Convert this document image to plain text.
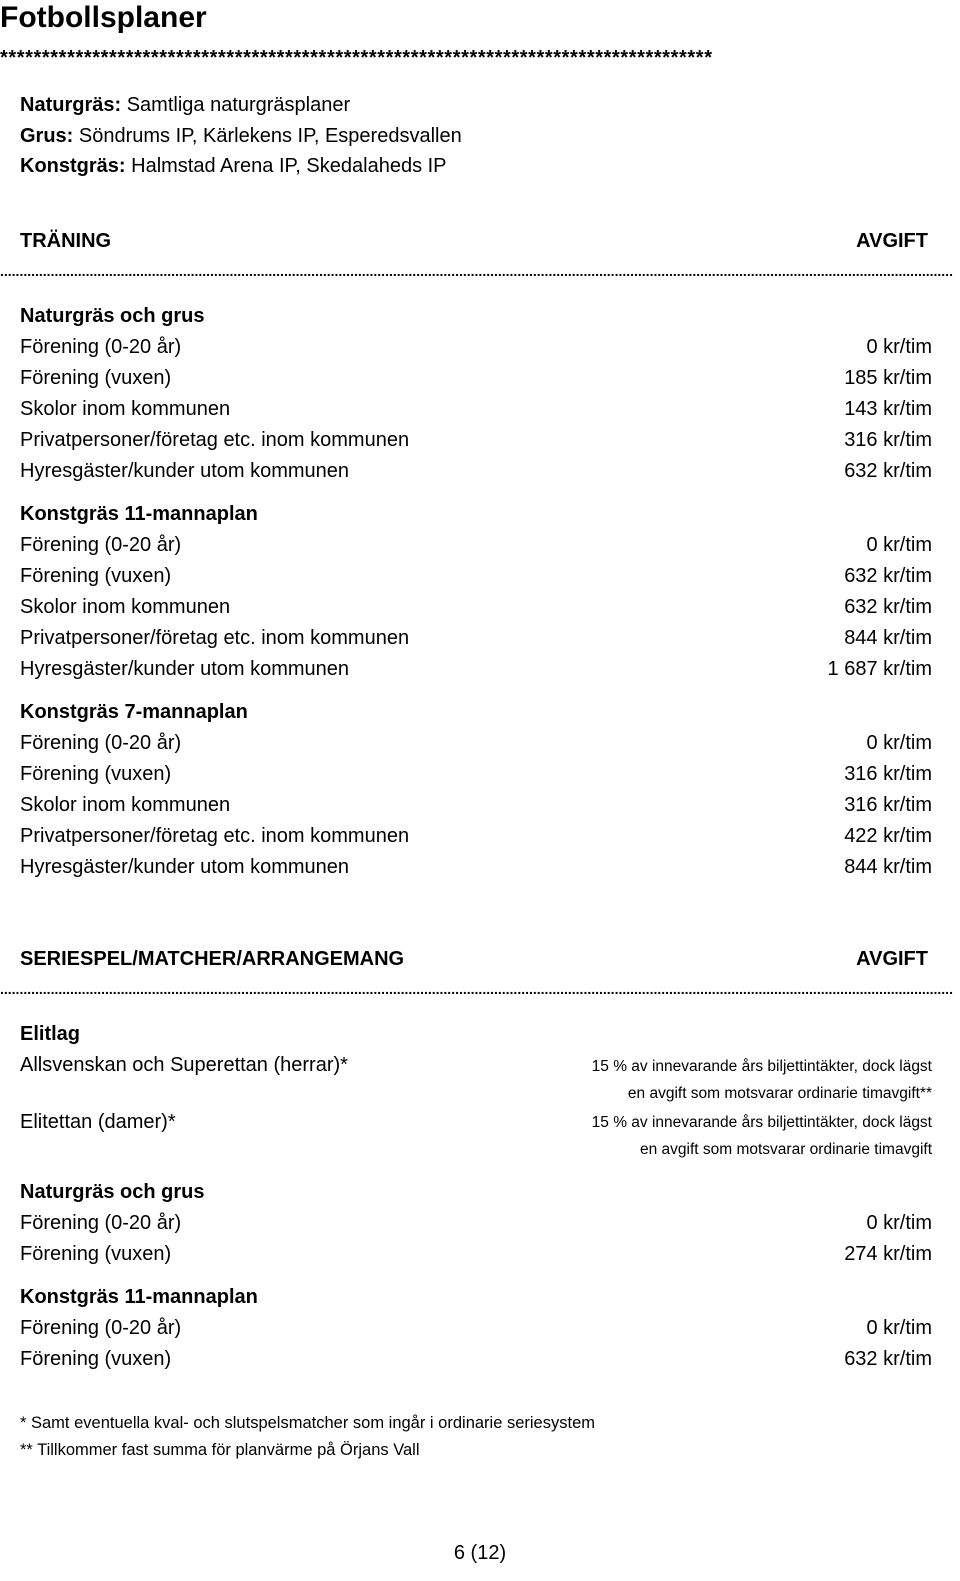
Fotbollsplaner
*************************************************************************************
Naturgräs: Samtliga naturgräsplaner
Grus: Söndrums IP, Kärlekens IP, Esperedsvallen
Konstgräs: Halmstad Arena IP, Skedalaheds IP
TRÄNING	AVGIFT
.....................................................................................................................................................................................................................................................
Naturgräs och grus
Förening (0-20 år)	0 kr/tim
Förening (vuxen)	185 kr/tim
Skolor inom kommunen	143 kr/tim
Privatpersoner/företag etc. inom kommunen	316 kr/tim
Hyresgäster/kunder utom kommunen	632 kr/tim
Konstgräs 11-mannaplan
Förening (0-20 år)	0 kr/tim
Förening (vuxen)	632 kr/tim
Skolor inom kommunen	632 kr/tim
Privatpersoner/företag etc. inom kommunen	844 kr/tim
Hyresgäster/kunder utom kommunen	1 687 kr/tim
Konstgräs 7-mannaplan
Förening (0-20 år)	0 kr/tim
Förening (vuxen)	316 kr/tim
Skolor inom kommunen	316 kr/tim
Privatpersoner/företag etc. inom kommunen	422 kr/tim
Hyresgäster/kunder utom kommunen	844 kr/tim
SERIESPEL/MATCHER/ARRANGEMANG	AVGIFT
.....................................................................................................................................................................................................................................................
Elitlag
Allsvenskan och Superettan (herrar)*	15 % av innevarande års biljettintäkter, dock lägst
en avgift som motsvarar ordinarie timavgift**
Elitettan (damer)*	15 % av innevarande års biljettintäkter, dock lägst
en avgift som motsvarar ordinarie timavgift
Naturgräs och grus
Förening (0-20 år)	0 kr/tim
Förening (vuxen)	274 kr/tim
Konstgräs 11-mannaplan
Förening (0-20 år)	0 kr/tim
Förening (vuxen)	632 kr/tim
* Samt eventuella kval- och slutspelsmatcher som ingår i ordinarie seriesystem
** Tillkommer fast summa för planvärme på Örjans Vall
6 (12)
